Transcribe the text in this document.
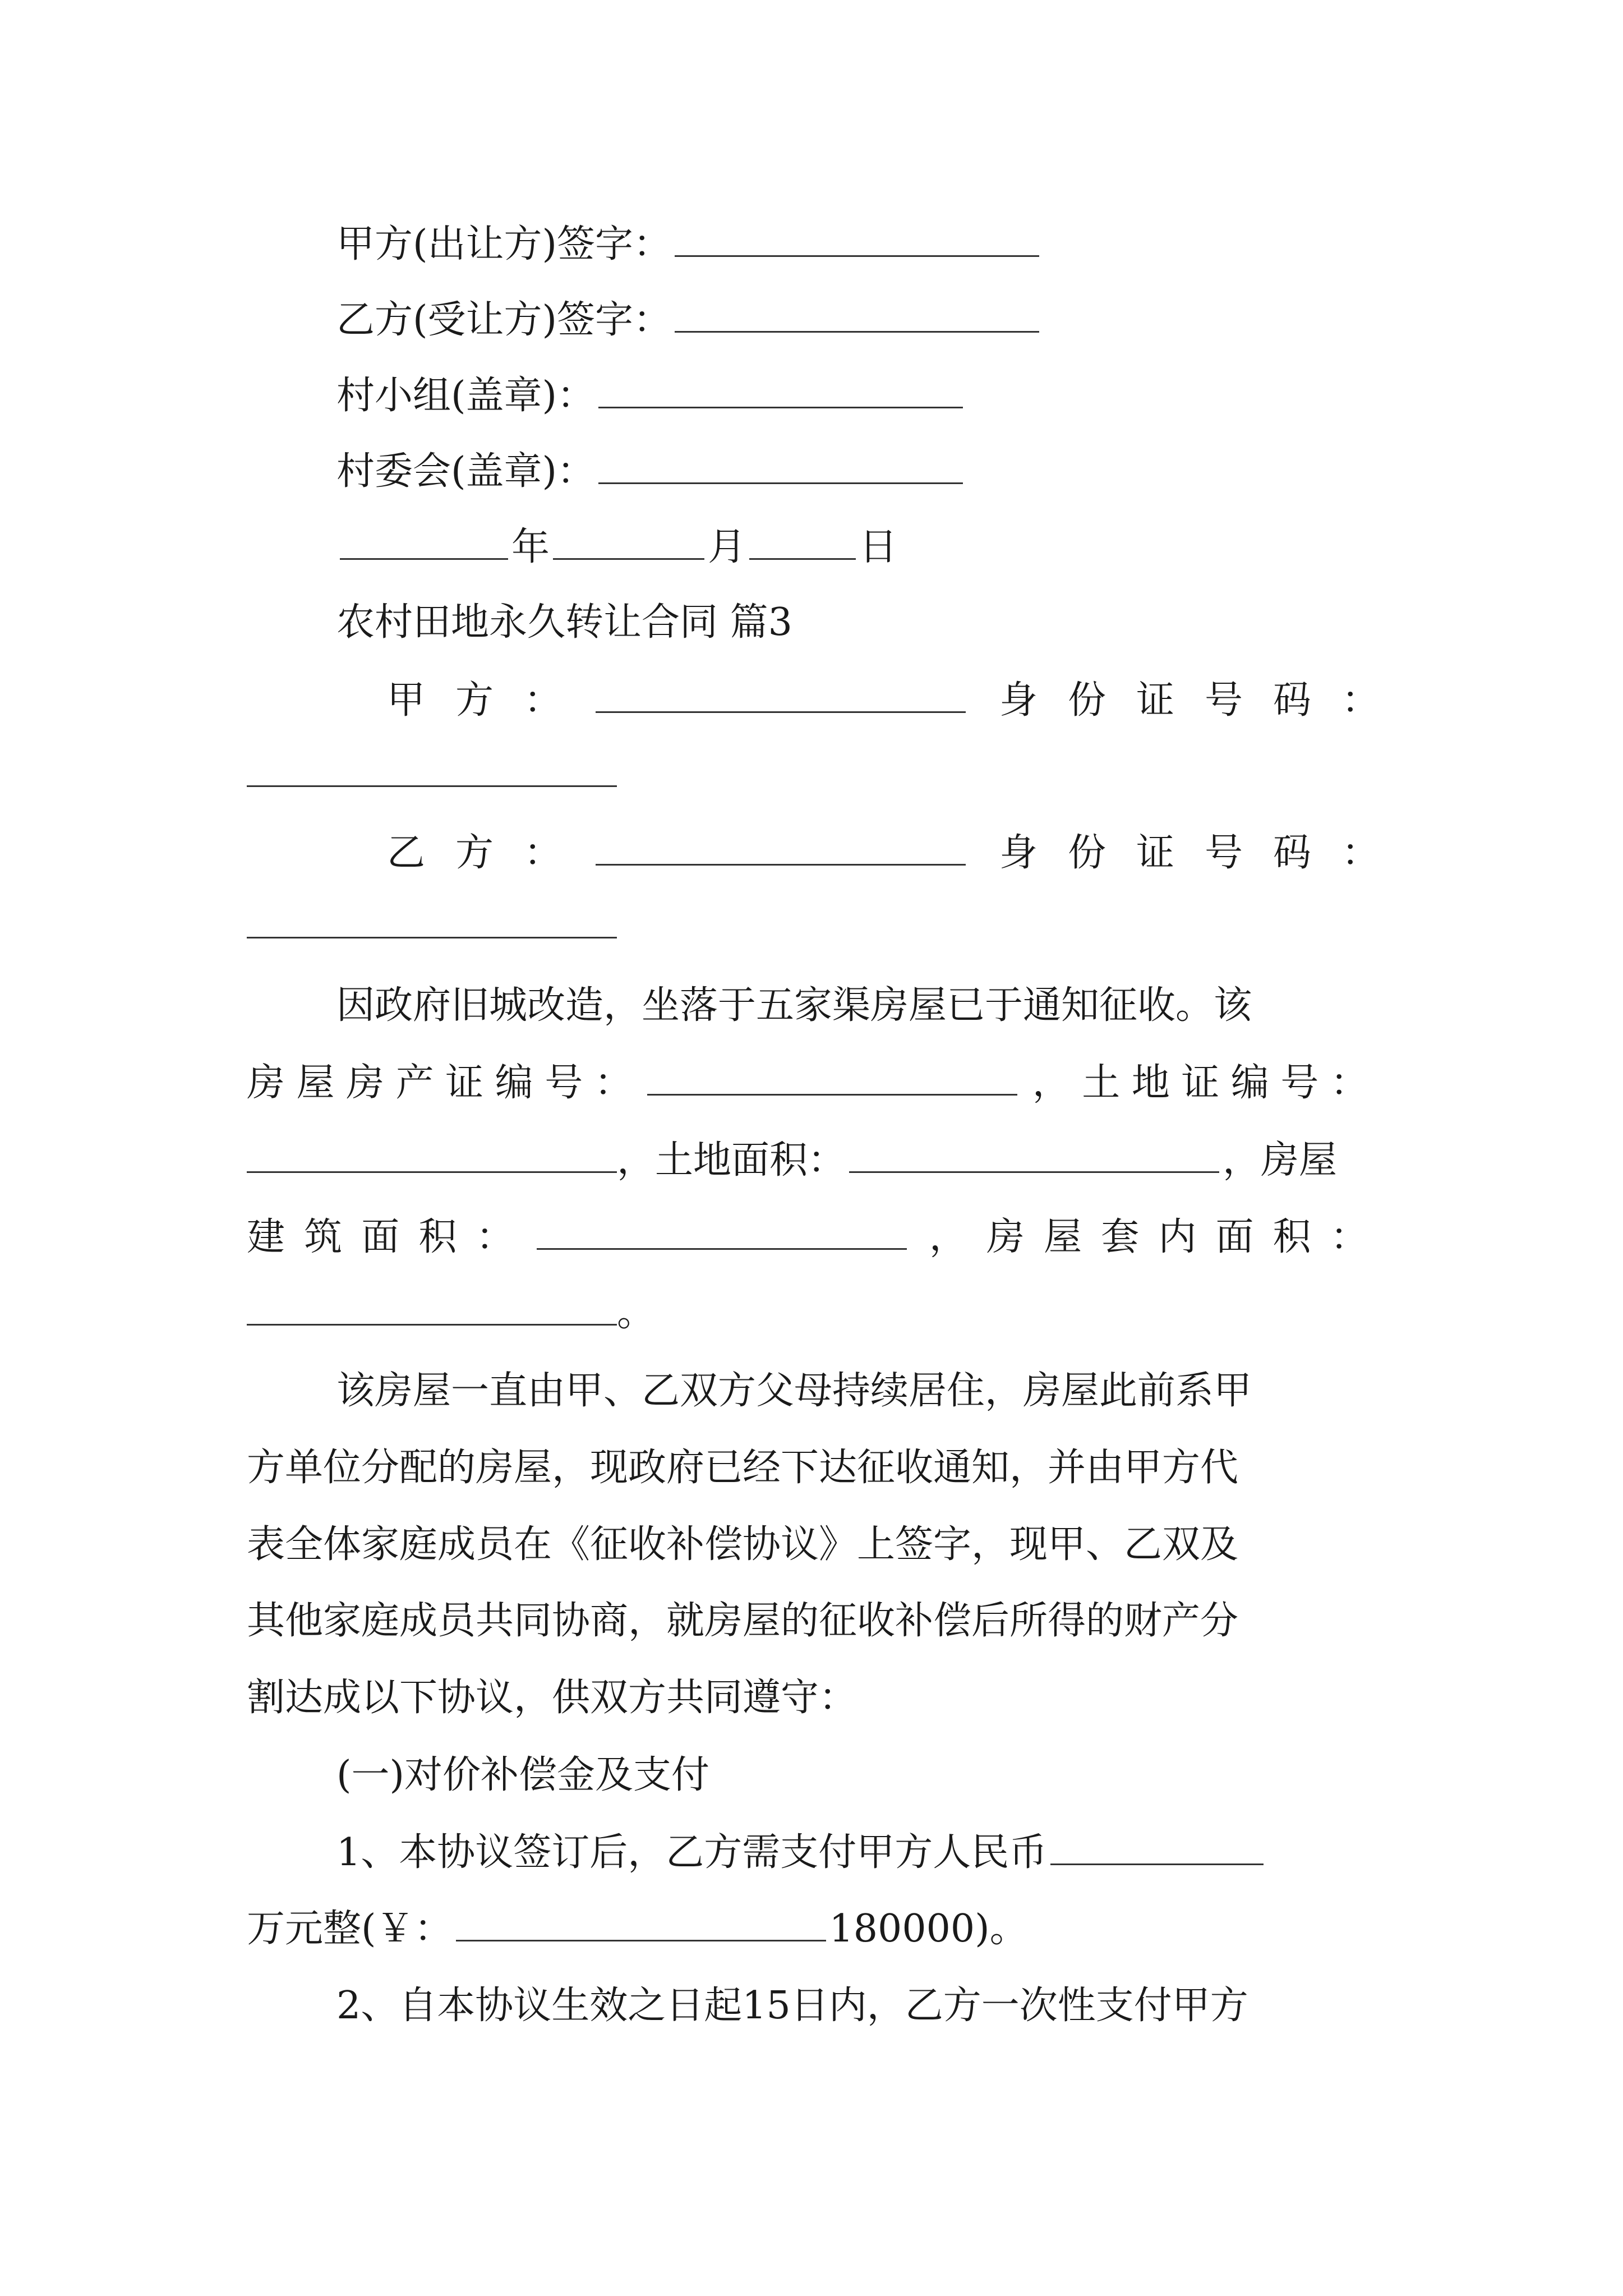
甲方(出让方)签字：
乙方(受让方)签字：
村小组(盖章)：
村委会(盖章)：
年	月	日
农村田地永久转让合同 篇3
甲 方 ：	身 份 证 号 码 ：
乙 方 ：	身 份 证 号 码 ：
因政府旧城改造，坐落于五家渠房屋已于通知征收。该
房 屋 房 产 证 编 号 ：	， 土 地 证 编 号 ：
，土地面积：	，房屋
建 筑 面 积 ：	， 房 屋 套 内 面 积 ：
。
该房屋一直由甲、乙双方父母持续居住，房屋此前系甲
方单位分配的房屋，现政府已经下达征收通知，并由甲方代
表全体家庭成员在《征收补偿协议》上签字，现甲、乙双及
其他家庭成员共同协商，就房屋的征收补偿后所得的财产分
割达成以下协议，供双方共同遵守：
(一)对价补偿金及支付
1、本协议签订后，乙方需支付甲方人民币
万元整(￥：	180000)。
2、自本协议生效之日起15日内，乙方一次性支付甲方
